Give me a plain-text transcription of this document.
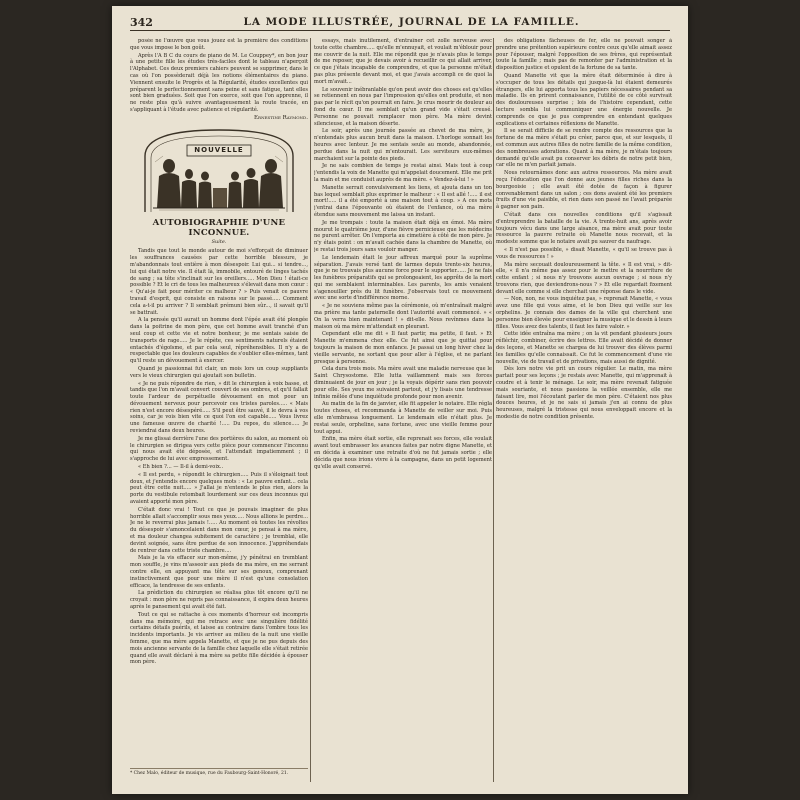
342	LA MODE ILLUSTRÉE, JOURNAL DE LA FAMILLE.

posée ne l'œuvre que vous jouez est la première des conditions que vous impose le bon goût.

Après l'A B C du cours de piano de M. Le Couppey*, en bon jour à une petite fille les études très-faciles dont le tableau n'aperçoit l'Alphabet. Ces deux premiers cahiers peuvent se supprimer, dans le cas où l'on possèderait déjà les notions élémentaires du piano. Viennent ensuite le Progrès et la Régularité, études excellentes qui préparent le perfectionnement sans peine et sans fatigue, tant elles sont bien graduées. Soit que l'on exerce, soit que l'on apprenne, il ne reste plus qu'à suivre avantageusement la route tracée, en s'appliquant à l'étude avec patience et régularité.

Ernestine Raymond.
NOUVELLE
AUTOBIOGRAPHIE D'UNE INCONNUE.
Suite.

Tandis que tout le monde autour de moi s'efforçait de diminuer les souffrances causées par cette horrible blessure, je m'abandonnais tout entière à mon désespoir. Lui qui... si tendre..., lui qui était notre vie. Il était là, immobile, entouré de linges tachés de sang ; sa tête s'inclinait sur les oreillers..... Mon Dieu ! était-ce possible ? Et le cri de tous les malheureux s'élevait dans mon cœur : « Qu'ai-je fait pour mériter ce malheur ? » Puis venait ce pauvre travail d'esprit, qui consiste en raisons sur le passé..... Comment cela a-t-il pu arriver ? Il semblait prémuni bien sûr..., il savait qu'il se battrait.

A la pensée qu'il aurait un homme dont l'épée avait été plongée dans la poitrine de mon père, que cet homme avait tranché d'un seul coup et cette vie et notre bonheur, je me sentais saisie de transports de rage..... Je le répète, ces sentiments naturels étaient entachés d'égoïsme, et par cela seul, répréhensibles. Il n'y a de respectable que les douleurs capables de s'oublier elles-mêmes, tant qu'il reste un dévouement à exercer.

Quand je passionnai fut clair, un mois lors un coup suppliants vers le vieux chirurgien qui ajoutait son bulletin.

« Je ne puis répondre de rien, » dit le chirurgien à voix basse, et tandis que l'on m'avait convert couvert de ses ombres, et qu'il fallait toute l'ardeur de perpétuelle dévouement en mot pour un dévouement nerveux pour percevoir ces tristes paroles..... « Mais rien n'est encore désespéré..... S'il peut être sauvé, il le devra à vos soins, car je vois bien vite ce quoi l'on est capable..... Vous livrez une fameuse œuvre de charité !..... Du repos, du silence..... Je reviendrai dans deux heures.

Je me glissai derrière l'une des portières du salon, au moment où le chirurgien se dirigea vers cette pièce pour commencer l'inconnu qui nous avait été déposée, et l'attendait impatiemment ; il s'approche de lui avec empressement.

« Eh bien ?... — Il-il à demi-voix..

« Il est perdu, » répondit le chirurgien..... Puis il s'éloignait tout doux, et j'entendis encore quelques mots : « Le pauvre enfant... cela peut être cette nuit..... » J'allai je n'entends le plus rien, alors la porte du vestibule retombait lourdement sur ces deux inconnus qui avaient apporté mon père.

C'était donc vrai ! Tout ce que je pouvais imaginer de plus horrible allait s'accomplir sous mes yeux..... Nous allions le perdre... Je ne le reverrai plus jamais !..... Au moment où toutes les révoltes du désespoir s'amoncelaient dans mon cœur, je pensai à ma mère, et ma douleur changea subitement de caractère ; je tremblai, elle devint soignée, sans être perdue de son innocence. J'appréhendais de rentrer dans cette triste chambre....

Mais je la vis effacer sur mon-même, j'y pénétrai en tremblant mon souffle, je vins m'asseoir aux pieds de ma mère, en me serrant contre elle, en appuyant ma tête sur ses genoux, comprenant instinctivement que pour une mère il n'est qu'une consolation efficace, la tendresse de ses enfants.

La prédiction du chirurgien se réalisa plus tôt encore qu'il ne croyait : mon père ne repris pas connaissance, il expira deux heures après le pansement qui avait été fait.

Tout ce qui se rattache à ces moments d'horreur est incompris dans ma mémoire, qui me retrace avec une singulière fidélité certains détails puérils, et laisse au contraire dans l'ombre tous les incidents importants. Je vis arriver au milieu de la nuit une vieille femme, que ma mère appela Manette, et que je ne pus depuis des mois ancienne servante de la famille chez laquelle elle s'était retirée quand elle avait déclaré à ma mère sa petite fille décidée à épouser mon père.

* Chez Malo, éditeur de musique, rue du Faubourg-Saint-Honoré, 21.

essays, mais inutilement, d'entraîner cet zolle nerveuse avec toute cette chambre..... qu'elle m'ennuyait, et voulait m'éblouir pour me couvrir de la nuit. Elle me répondit que je n'avais plus le temps de me reposer, que je devais avoir à recueillir ce qui allait arriver, ce que j'étais incapable de comprendre, et que la personne m'était pas plus présente devant moi, et que j'avais accompli ce de quoi la mort m'avait...

Le souvenir inébranlable qu'on peut avoir des choses est qu'elles se retiennent en nous par l'impression qu'elles ont produite, et non pas par le récit qu'on pourrait en faire. Je crus mourir de douleur au fond du cœur. Il me semblait qu'un grand vide s'était creusé. Personne ne pouvait remplacer mon père. Ma mère devint silencieuse, et la maison déserte.

Le soir, après une journée passée au chevet de ma mère, je n'entendais plus aucun bruit dans la maison. L'horloge sonnait les heures avec lenteur. Je me sentais seule au monde, abandonnée, perdue dans la nuit qui m'entourait. Les serviteurs eux-mêmes marchaient sur la pointe des pieds.

Je ne sais combien de temps je restai ainsi. Mais tout à coup j'entendis la voix de Manette qui m'appelait doucement. Elle me prit la main et me conduisit auprès de ma mère. « Vendez-à-lui ! »

Manette serrait convulsivement les liens, et ajouta dans un ton bas lequel semblait plus exprimer le malheur : « Il est allé !..... il est mort!..... il a été emporté à une maison tout à coup. » A ces mots j'entrai dans l'épouvante où étaient de l'enfance, où ma mère étendue sans mouvement me laissa un instant.

Je me trompais : toute la maison était déjà en émoi. Ma mère mourut le quatrième jour, d'une fièvre pernicieuse que les médecins ne purent arrêter. On l'emporta au cimetière à côté de mon père. Je n'y étais point : on m'avait cachée dans la chambre de Manette, où je restai trois jours sans vouloir manger.

Le lendemain était le jour affreux marqué pour la suprême séparation. J'avais versé tant de larmes depuis trente-six heures, que je ne trouvais plus aucune force pour le supporter...... Je ne fais les funèbres préparatifs qui se prolongeaient, les apprêts de la mort qui me semblaient interminables. Les parents, les amis venaient s'agenouiller près du lit funèbre. J'observais tout ce mouvement avec une sorte d'indifférence morne.

« Je ne souviens même pas la cérémonie, où m'entraînait malgré ma prière ma tante paternelle dont l'autorité avait commencé. » « On la verra bien maintenant ! » dit-elle. Nous revînmes dans la maison où ma mère m'attendait en pleurant.

Cependant elle me dit « Il faut partir, ma petite, il faut. » Et Manette m'emmena chez elle. Ce fut ainsi que je quittai pour toujours la maison de mon enfance. Je passai un long hiver chez la vieille servante, ne sortant que pour aller à l'église, et ne parlant presque à personne.

Cela dura trois mois. Ma mère avait une maladie nerveuse que le Saint Chrysostome. Elle lutta vaillamment mais ses forces diminuaient de jour en jour ; je la voyais dépérir sans rien pouvoir pour elle. Ses yeux me suivaient partout, et j'y lisais une tendresse infinie mêlée d'une inquiétude profonde pour mon avenir.

Au matin de la fin de janvier, elle fit appeler le notaire. Elle régla toutes choses, et recommanda à Manette de veiller sur moi. Puis elle m'embrassa longuement. Le lendemain elle n'était plus. Je restai seule, orpheline, sans fortune, avec une vieille femme pour tout appui.

Enfin, ma mère était sortie, elle reprenait ses forces, elle voulait avant tout embrasser les avances faites par notre digne Manette, et en décida à examiner une retraite d'où ne fut jamais sortie ; elle décida que nous irions vivre à la campagne, dans un petit logement qu'elle avait conservé.

des obligations fâcheuses de fer, elle ne pouvait songer à prendre une prétention supérieure contre ceux qu'elle aimait assez pour l'épouser, malgré l'opposition de ses frères, qui représentait toute la famille ; mais pas de remonter par l'administration et la disposition justice et opulent de la fortune de sa tante.

Quand Manette vit que la mère était déterminée à dire à s'occuper de tous les détails qui jusque-là lui étaient demeurés étrangers, elle lui apporta tous les papiers nécessaires pendant sa maladie. Ils en prirent connaissance, l'utilité de ce côté survivait des douloureuses surprise ; lois de l'histoire cependant, cette lecture sombla lui communiquer une énergie nouvelle. Je comprends ce que je pus comprendre en entendant quelques explications et certaines réflexions de Manette.

Il se serait difficile de se rendre compte des ressources que la fortune de ma mère s'était pu créer, parce que, et sur lesquels, il est commun aux autres filles de notre famille de la même condition, des nombreuses adorations. Quant à ma mère, je m'étais toujours demandé qu'elle avait pu conserver les débris de notre petit bien, car elle ne m'en parlait jamais.

Nous retournâmes donc aux autres ressources. Ma mère avait reçu l'éducation que l'on donne aux jeunes filles riches dans la bourgeoisie ; elle avait été dotée de façon à figurer convenablement dans un salon ; ces dons avaient été les premiers fruits d'une vie paisible, et rien dans son passé ne l'avait préparée à gagner son pain.

C'était dans ces nouvelles conditions qu'il s'agissait d'entreprendre la bataille de la vie. A trente-huit ans, après avoir toujours vécu dans une large aisance, ma mère avait pour toute ressource la pauvre retraite où Manette nous recevait, et la modeste somme que le notaire avait pu sauver du naufrage.

« Il n'est pas possible, » disait Manette, « qu'il se trouve pas à vous de ressources ! »

Ma mère secouait douloureusement la tête. « Il est vrai, » dit-elle, « il n'a même pas assez pour le mettre et la nourriture de cette enfant ; si nous n'y trouvons aucun ouvrage ; si nous n'y trouvons rien, que deviendrons-nous ? » Et elle regardait fixement devant elle comme si elle cherchait une réponse dans le vide.

— Non, non, ne vous inquiétez pas, » reprenait Manette, « vous avez une fille qui vous aime, et le bon Dieu qui veille sur les orphelins. Je connais des dames de la ville qui cherchent une personne bien élevée pour enseigner la musique et le dessin à leurs filles. Vous avez des talents, il faut les faire valoir. »

Cette idée entraîna ma mère ; on la vit pendant plusieurs jours réfléchir, combiner, écrire des lettres. Elle avait décidé de donner des leçons, et Manette se chargea de lui trouver des élèves parmi les familles qu'elle connaissait. Ce fut le commencement d'une vie nouvelle, vie de travail et de privations, mais aussi de dignité.

Dès lors notre vie prit un cours régulier. Le matin, ma mère partait pour ses leçons ; je restais avec Manette, qui m'apprenait à coudre et à tenir le ménage. Le soir, ma mère revenait fatiguée mais souriante, et nous passions la veillée ensemble, elle me faisant lire, moi l'écoutant parler de mon père. C'étaient nos plus douces heures, et je ne sais si jamais j'en ai connu de plus heureuses, malgré la tristesse qui nous enveloppait encore et la modestie de notre condition présente.
